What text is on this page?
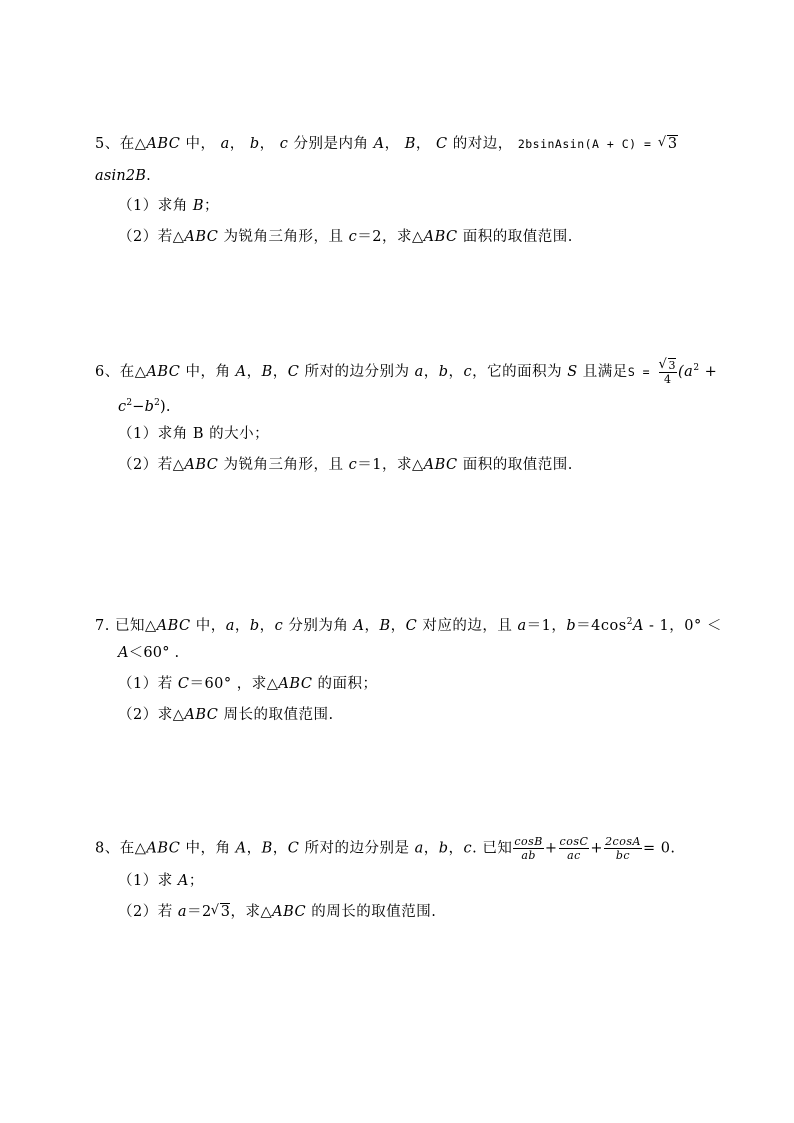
5、在△ABC 中， a， b， c 分别是内角 A， B， C 的对边， 2bsinAsin(A + C) = √ 3
asin2B.
（1）求角 B；
（2）若△ABC 为锐角三角形，且 c＝2，求△ABC 面积的取值范围.
6、在△ABC 中，角 A，B，C 所对的边分别为 a，b，c，它的面积为 S 且满足S = √ $\frac{3}{4} (a^2$ +
$c^2-b^2$).
（1）求角 B 的大小；
（2）若△ABC 为锐角三角形，且 c＝1，求△ABC 面积的取值范围.
7. 已知△ABC 中，a，b，c 分别为角 A，B，C 对应的边，且 a＝1，$b=4\cos^2A - 1$，0° ＜
A＜60° .
（1）若 C＝60° ，求△ABC 的面积；
（2）求△ABC 周长的取值范围.
8、在△ABC 中，角 A，B，C 所对的边分别是 a，b，c. 已知 $\frac{\cos B}{ab} + \frac{\cos C}{ac} + \frac{2\cos A}{bc} = 0$.
（1）求 A；
（2）若 a＝2 √ 3，求△ABC 的周长的取值范围.
